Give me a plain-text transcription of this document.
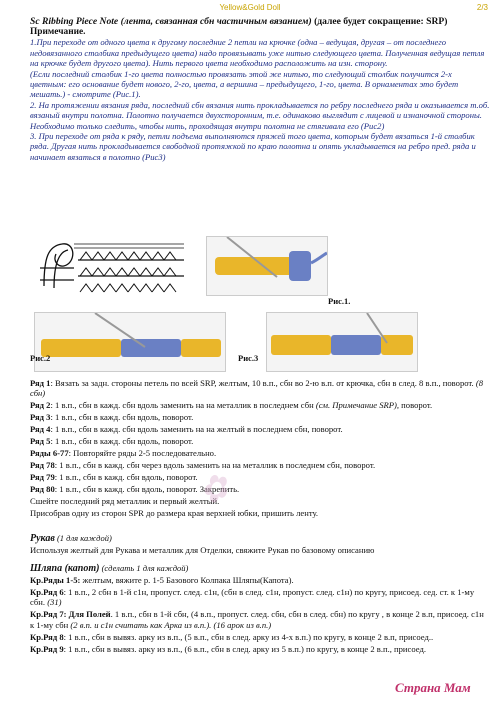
Yellow&Gold Doll	2/3

Sc Ribbing Piece Note (лента, связанная сбн частичным вязанием) (далее будет сокращение: SRP)

Примечание.

1.При переходе от одного цвета к другому последние 2 петли на крючке (одна – ведущая, другая – от последнего недовязанного столбика предыдущего цвета) надо провязывать уже нитью следующего цвета. Полученная ведущая петля на крючке будет другого цвета). Нить первого цвета необходимо расположить на изн. сторону.

(Если последний столбик 1-го цвета полностью провязать этой же нитью, то следующий столбик получится 2-х цветным: его основание будет нового, 2-го, цвета, а вершина – предыдущего, 1-го, цвета. В орнаментах это будет мешать.) - смотрите (Рис.1).

2. На протяжении вязания ряда, последний сбн вязания нить прокладывается по ребру последнего ряда и оказывается т.об. вязаный внутри полотна. Полотно получается двухсторонним, т.е. одинаково выглядит с лицевой и изнаночной стороны. Необходимо только следить, чтобы нить, проходящая внутри полотна не стягивала его (Рис2)

3. При переходе от ряда к ряду, петли подъема выполняются пряжей того цвета, которым будет вязаться 1-й столбик ряда. Другая нить прокладывается свободной протяжкой по краю полотна и опять укладывается на ребро пред. ряда и начинает вязаться в полотно (Рис3)

Рис.1.
Рис.2	Рис.3

Ряд 1: Вязать за задн. стороны петель по всей SRP, желтым, 10 в.п., сбн во 2-ю в.п. от крючка, сбн в след. 8 в.п., поворот. (8 сбн)

Ряд 2: 1 в.п., сбн в кажд. сбн вдоль заменить на на металлик в последнем сбн (см. Примечание SRP), поворот.

Ряд 3: 1 в.п., сбн в кажд. сбн вдоль, поворот.

Ряд 4: 1 в.п., сбн в кажд. сбн вдоль заменить на на желтый в последнем сбн, поворот.

Ряд 5: 1 в.п., сбн в кажд. сбн вдоль, поворот.

Ряды 6-77: Повторяйте ряды 2-5 последовательно.

Ряд 78: 1 в.п., сбн в кажд. сбн через вдоль заменить на на металлик в последнем сбн, поворот.

Ряд 79: 1 в.п., сбн в кажд. сбн вдоль, поворот.

Ряд 80: 1 в.п., сбн в кажд. сбн вдоль, поворот. Закрепить.

Сшейте последний ряд металлик и первый желтый.

Присобрав одну из сторон SPR до размера края верхней юбки, пришить ленту.

Рукав (1 для каждой)

Используя желтый для Рукава и металлик для Отделки, свяжите Рукав по базовому описанию

Шляпа (капот) (сделать 1 для каждой)

Кр.Ряды 1-5: желтым, вяжите р. 1-5 Базового Колпака Шляпы(Капота).

Кр.Ряд 6: 1 в.п., 2 сбн в 1-й с1н, пропуст. след. с1н, (сбн в след. с1н, пропуст. след. с1н) по кругу, присоед. сед. ст. к 1-му сбн. (31)

Кр.Ряд 7: Для Полей. 1 в.п., сбн в 1-й сбн, (4 в.п., пропуст. след. сбн, сбн в след. сбн) по кругу , в конце 2 в.п, присоед. с1н к 1-му сбн (2 в.п. и с1н считать как Арка из в.п.). (16 арок из в.п.)

Кр.Ряд 8: 1 в.п., сбн в вывяз. арку из в.п., (5 в.п., сбн в след. арку из 4-х в.п.) по кругу, в конце 2 в.п, присоед..

Кр.Ряд 9: 1 в.п., сбн в вывяз. арку из в.п., (6 в.п., сбн в след. арку из 5 в.п.) по кругу, в конце 2 в.п., присоед.

✿
Страна Мам
